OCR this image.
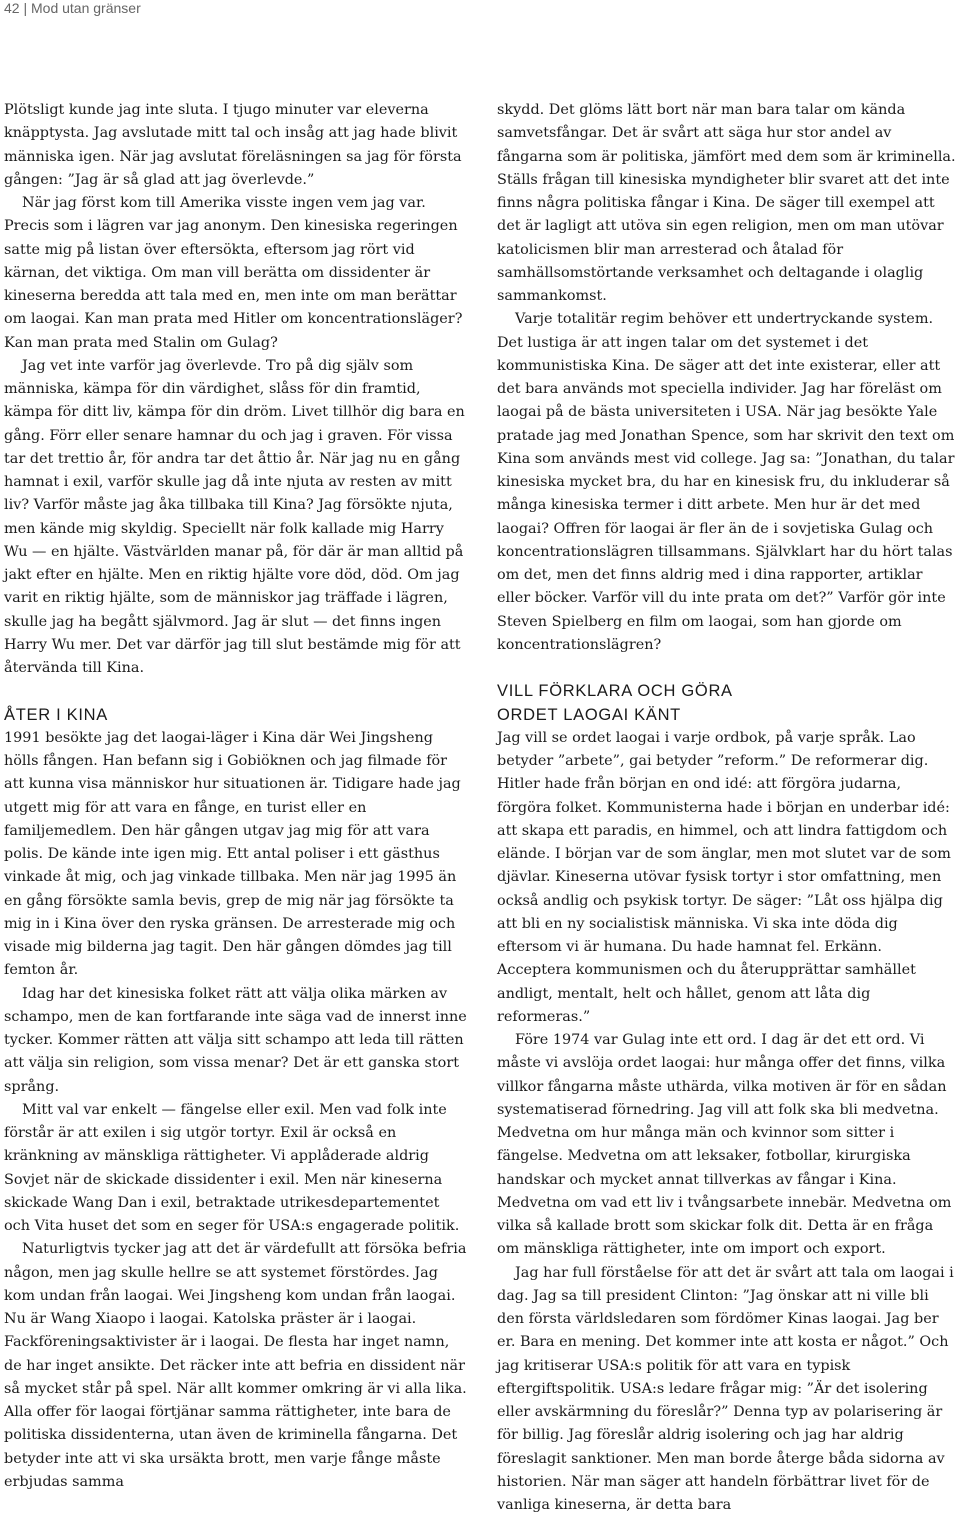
42 | Mod utan gränser

Plötsligt kunde jag inte sluta. I tjugo minuter var eleverna knäpptysta. Jag avslutade mitt tal och insåg att jag hade blivit människa igen. När jag avslutat föreläsningen sa jag för första gången: ”Jag är så glad att jag överlevde.”

När jag först kom till Amerika visste ingen vem jag var. Precis som i lägren var jag anonym. Den kinesiska regeringen satte mig på listan över eftersökta, eftersom jag rört vid kärnan, det viktiga. Om man vill berätta om dissidenter är kineserna beredda att tala med en, men inte om man berättar om laogai. Kan man prata med Hitler om koncentrationsläger? Kan man prata med Stalin om Gulag?

Jag vet inte varför jag överlevde. Tro på dig själv som människa, kämpa för din värdighet, slåss för din framtid, kämpa för ditt liv, kämpa för din dröm. Livet tillhör dig bara en gång. Förr eller senare hamnar du och jag i graven. För vissa tar det trettio år, för andra tar det åttio år. När jag nu en gång hamnat i exil, varför skulle jag då inte njuta av resten av mitt liv? Varför måste jag åka tillbaka till Kina? Jag försökte njuta, men kände mig skyldig. Speciellt när folk kallade mig Harry Wu — en hjälte. Västvärlden manar på, för där är man alltid på jakt efter en hjälte. Men en riktig hjälte vore död, död. Om jag varit en riktig hjälte, som de människor jag träffade i lägren, skulle jag ha begått självmord. Jag är slut — det finns ingen Harry Wu mer. Det var därför jag till slut bestämde mig för att återvända till Kina.

ÅTER I KINA

1991 besökte jag det laogai-läger i Kina där Wei Jingsheng hölls fången. Han befann sig i Gobiöknen och jag filmade för att kunna visa människor hur situationen är. Tidigare hade jag utgett mig för att vara en fånge, en turist eller en familjemedlem. Den här gången utgav jag mig för att vara polis. De kände inte igen mig. Ett antal poliser i ett gästhus vinkade åt mig, och jag vinkade tillbaka. Men när jag 1995 än en gång försökte samla bevis, grep de mig när jag försökte ta mig in i Kina över den ryska gränsen. De arresterade mig och visade mig bilderna jag tagit. Den här gången dömdes jag till femton år.

Idag har det kinesiska folket rätt att välja olika märken av schampo, men de kan fortfarande inte säga vad de innerst inne tycker. Kommer rätten att välja sitt schampo att leda till rätten att välja sin religion, som vissa menar? Det är ett ganska stort språng.

Mitt val var enkelt — fängelse eller exil. Men vad folk inte förstår är att exilen i sig utgör tortyr. Exil är också en kränkning av mänskliga rättigheter. Vi applåderade aldrig Sovjet när de skickade dissidenter i exil. Men när kineserna skickade Wang Dan i exil, betraktade utrikesdepartementet och Vita huset det som en seger för USA:s engagerade politik.

Naturligtvis tycker jag att det är värdefullt att försöka befria någon, men jag skulle hellre se att systemet förstördes. Jag kom undan från laogai. Wei Jingsheng kom undan från laogai. Nu är Wang Xiaopo i laogai. Katolska präster är i laogai. Fackföreningsaktivister är i laogai. De flesta har inget namn, de har inget ansikte. Det räcker inte att befria en dissident när så mycket står på spel. När allt kommer omkring är vi alla lika. Alla offer för laogai förtjänar samma rättigheter, inte bara de politiska dissidenterna, utan även de kriminella fångarna. Det betyder inte att vi ska ursäkta brott, men varje fånge måste erbjudas samma

skydd. Det glöms lätt bort när man bara talar om kända samvetsfångar. Det är svårt att säga hur stor andel av fångarna som är politiska, jämfört med dem som är kriminella. Ställs frågan till kinesiska myndigheter blir svaret att det inte finns några politiska fångar i Kina. De säger till exempel att det är lagligt att utöva sin egen religion, men om man utövar katolicismen blir man arresterad och åtalad för samhällsomstörtande verksamhet och deltagande i olaglig sammankomst.

Varje totalitär regim behöver ett undertryckande system. Det lustiga är att ingen talar om det systemet i det kommunistiska Kina. De säger att det inte existerar, eller att det bara används mot speciella individer. Jag har föreläst om laogai på de bästa universiteten i USA. När jag besökte Yale pratade jag med Jonathan Spence, som har skrivit den text om Kina som används mest vid college. Jag sa: ”Jonathan, du talar kinesiska mycket bra, du har en kinesisk fru, du inkluderar så många kinesiska termer i ditt arbete. Men hur är det med laogai? Offren för laogai är fler än de i sovjetiska Gulag och koncentrationslägren tillsammans. Självklart har du hört talas om det, men det finns aldrig med i dina rapporter, artiklar eller böcker. Varför vill du inte prata om det?” Varför gör inte Steven Spielberg en film om laogai, som han gjorde om koncentrationslägren?

VILL FÖRKLARA OCH GÖRA
ORDET LAOGAI KÄNT

Jag vill se ordet laogai i varje ordbok, på varje språk. Lao betyder ”arbete”, gai betyder ”reform.” De reformerar dig. Hitler hade från början en ond idé: att förgöra judarna, förgöra folket. Kommunisterna hade i början en underbar idé: att skapa ett paradis, en himmel, och att lindra fattigdom och elände. I början var de som änglar, men mot slutet var de som djävlar. Kineserna utövar fysisk tortyr i stor omfattning, men också andlig och psykisk tortyr. De säger: ”Låt oss hjälpa dig att bli en ny socialistisk människa. Vi ska inte döda dig eftersom vi är humana. Du hade hamnat fel. Erkänn. Acceptera kommunismen och du återupprättar samhället andligt, mentalt, helt och hållet, genom att låta dig reformeras.”

Före 1974 var Gulag inte ett ord. I dag är det ett ord. Vi måste vi avslöja ordet laogai: hur många offer det finns, vilka villkor fångarna måste uthärda, vilka motiven är för en sådan systematiserad förnedring. Jag vill att folk ska bli medvetna. Medvetna om hur många män och kvinnor som sitter i fängelse. Medvetna om att leksaker, fotbollar, kirurgiska handskar och mycket annat tillverkas av fångar i Kina. Medvetna om vad ett liv i tvångsarbete innebär. Medvetna om vilka så kallade brott som skickar folk dit. Detta är en fråga om mänskliga rättigheter, inte om import och export.

Jag har full förståelse för att det är svårt att tala om laogai i dag. Jag sa till president Clinton: ”Jag önskar att ni ville bli den första världsledaren som fördömer Kinas laogai. Jag ber er. Bara en mening. Det kommer inte att kosta er något.” Och jag kritiserar USA:s politik för att vara en typisk eftergiftspolitik. USA:s ledare frågar mig: ”Är det isolering eller avskärmning du föreslår?” Denna typ av polarisering är för billig. Jag föreslår aldrig isolering och jag har aldrig föreslagit sanktioner. Men man borde återge båda sidorna av historien. När man säger att handeln förbättrar livet för de vanliga kineserna, är detta bara
